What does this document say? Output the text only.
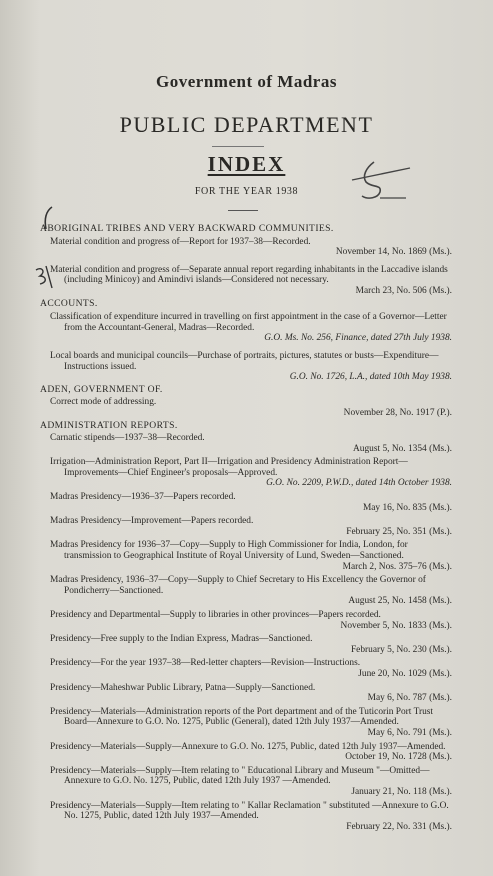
Government of Madras
PUBLIC DEPARTMENT
INDEX
FOR THE YEAR 1938
ABORIGINAL TRIBES AND VERY BACKWARD COMMUNITIES.
Material condition and progress of—Report for 1937–38—Recorded.
November 14, No. 1869 (Ms.).
Material condition and progress of—Separate annual report regarding inhabitants in the Laccadive islands (including Minicoy) and Amindivi islands—Considered not necessary.
March 23, No. 506 (Ms.).
ACCOUNTS.
Classification of expenditure incurred in travelling on first appointment in the case of a Governor—Letter from the Accountant-General, Madras—Recorded.
G.O. Ms. No. 256, Finance, dated 27th July 1938.
Local boards and municipal councils—Purchase of portraits, pictures, statutes or busts—Expenditure—Instructions issued.
G.O. No. 1726, L.A., dated 10th May 1938.
ADEN, GOVERNMENT OF.
Correct mode of addressing.
November 28, No. 1917 (P.).
ADMINISTRATION REPORTS.
Carnatic stipends—1937–38—Recorded.
August 5, No. 1354 (Ms.).
Irrigation—Administration Report, Part II—Irrigation and Presidency Administration Report—Improvements—Chief Engineer's proposals—Approved.
G.O. No. 2209, P.W.D., dated 14th October 1938.
Madras Presidency—1936–37—Papers recorded.
May 16, No. 835 (Ms.).
Madras Presidency—Improvement—Papers recorded.
February 25, No. 351 (Ms.).
Madras Presidency for 1936–37—Copy—Supply to High Commissioner for India, London, for transmission to Geographical Institute of Royal University of Lund, Sweden—Sanctioned.
March 2, Nos. 375–76 (Ms.).
Madras Presidency, 1936–37—Copy—Supply to Chief Secretary to His Excellency the Governor of Pondicherry—Sanctioned.
August 25, No. 1458 (Ms.).
Presidency and Departmental—Supply to libraries in other provinces—Papers recorded.
November 5, No. 1833 (Ms.).
Presidency—Free supply to the Indian Express, Madras—Sanctioned.
February 5, No. 230 (Ms.).
Presidency—For the year 1937–38—Red-letter chapters—Revision—Instructions.
June 20, No. 1029 (Ms.).
Presidency—Maheshwar Public Library, Patna—Supply—Sanctioned.
May 6, No. 787 (Ms.).
Presidency—Materials—Administration reports of the Port department and of the Tuticorin Port Trust Board—Annexure to G.O. No. 1275, Public (General), dated 12th July 1937—Amended.
May 6, No. 791 (Ms.).
Presidency—Materials—Supply—Annexure to G.O. No. 1275, Public, dated 12th July 1937—Amended.
October 19, No. 1728 (Ms.).
Presidency—Materials—Supply—Item relating to " Educational Library and Museum "—Omitted—Annexure to G.O. No. 1275, Public, dated 12th July 1937 —Amended.
January 21, No. 118 (Ms.).
Presidency—Materials—Supply—Item relating to " Kallar Reclamation " substituted —Annexure to G.O. No. 1275, Public, dated 12th July 1937—Amended.
February 22, No. 331 (Ms.).
